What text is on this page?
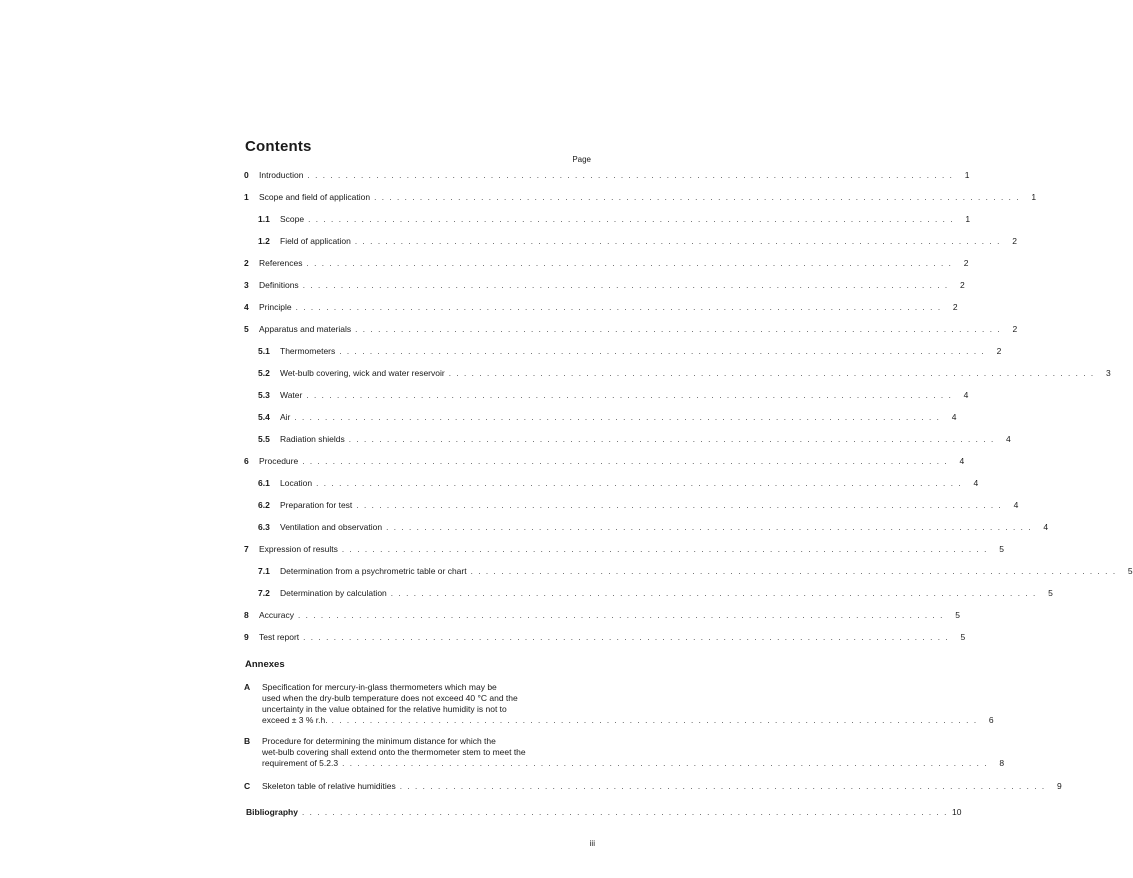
Contents
Page
0	Introduction . . . . . . . . . . . . . . . . . . . . . . . . . . . . . . . . . . . . . . . . . . . . . . . . . . . . . . . . . . . . . . . . . . . . . . . . . . . . . . . . . . . . .	1
1	Scope and field of application . . . . . . . . . . . . . . . . . . . . . . . . . . . . . . . . . . . . . . . . . . . . . . . . . . . . . . . . . . . . . . . . . . . . . . . . . . . . . . . . . . . . .	1
1.1	Scope . . . . . . . . . . . . . . . . . . . . . . . . . . . . . . . . . . . . . . . . . . . . . . . . . . . . . . . . . . . . . . . . . . . . . . . . . . . . . . . . . . . . .	1
1.2	Field of application . . . . . . . . . . . . . . . . . . . . . . . . . . . . . . . . . . . . . . . . . . . . . . . . . . . . . . . . . . . . . . . . . . . . . . . . . . . . . . . . . . . . .	2
2	References . . . . . . . . . . . . . . . . . . . . . . . . . . . . . . . . . . . . . . . . . . . . . . . . . . . . . . . . . . . . . . . . . . . . . . . . . . . . . . . . . . . . .	2
3	Definitions . . . . . . . . . . . . . . . . . . . . . . . . . . . . . . . . . . . . . . . . . . . . . . . . . . . . . . . . . . . . . . . . . . . . . . . . . . . . . . . . . . . . .	2
4	Principle . . . . . . . . . . . . . . . . . . . . . . . . . . . . . . . . . . . . . . . . . . . . . . . . . . . . . . . . . . . . . . . . . . . . . . . . . . . . . . . . . . . . .	2
5	Apparatus and materials . . . . . . . . . . . . . . . . . . . . . . . . . . . . . . . . . . . . . . . . . . . . . . . . . . . . . . . . . . . . . . . . . . . . . . . . . . . . . . . . . . . . .	2
5.1	Thermometers . . . . . . . . . . . . . . . . . . . . . . . . . . . . . . . . . . . . . . . . . . . . . . . . . . . . . . . . . . . . . . . . . . . . . . . . . . . . . . . . . . . . .	2
5.2	Wet-bulb covering, wick and water reservoir . . . . . . . . . . . . . . . . . . . . . . . . . . . . . . . . . . . . . . . . . . . . . . . . . . . . . . . . . . . . . . . . . . . . . . . . . . . . . . . . . . . . .	3
5.3	Water . . . . . . . . . . . . . . . . . . . . . . . . . . . . . . . . . . . . . . . . . . . . . . . . . . . . . . . . . . . . . . . . . . . . . . . . . . . . . . . . . . . . .	4
5.4	Air . . . . . . . . . . . . . . . . . . . . . . . . . . . . . . . . . . . . . . . . . . . . . . . . . . . . . . . . . . . . . . . . . . . . . . . . . . . . . . . . . . . . .	4
5.5	Radiation shields . . . . . . . . . . . . . . . . . . . . . . . . . . . . . . . . . . . . . . . . . . . . . . . . . . . . . . . . . . . . . . . . . . . . . . . . . . . . . . . . . . . . .	4
6	Procedure . . . . . . . . . . . . . . . . . . . . . . . . . . . . . . . . . . . . . . . . . . . . . . . . . . . . . . . . . . . . . . . . . . . . . . . . . . . . . . . . . . . . .	4
6.1	Location . . . . . . . . . . . . . . . . . . . . . . . . . . . . . . . . . . . . . . . . . . . . . . . . . . . . . . . . . . . . . . . . . . . . . . . . . . . . . . . . . . . . .	4
6.2	Preparation for test . . . . . . . . . . . . . . . . . . . . . . . . . . . . . . . . . . . . . . . . . . . . . . . . . . . . . . . . . . . . . . . . . . . . . . . . . . . . . . . . . . . . .	4
6.3	Ventilation and observation . . . . . . . . . . . . . . . . . . . . . . . . . . . . . . . . . . . . . . . . . . . . . . . . . . . . . . . . . . . . . . . . . . . . . . . . . . . . . . . . . . . . .	4
7	Expression of results . . . . . . . . . . . . . . . . . . . . . . . . . . . . . . . . . . . . . . . . . . . . . . . . . . . . . . . . . . . . . . . . . . . . . . . . . . . . . . . . . . . . .	5
7.1	Determination from a psychrometric table or chart . . . . . . . . . . . . . . . . . . . . . . . . . . . . . . . . . . . . . . . . . . . . . . . . . . . . . . . . . . . . . . . . . . . . . . . . . . . . . . . . . . . . .	5
7.2	Determination by calculation . . . . . . . . . . . . . . . . . . . . . . . . . . . . . . . . . . . . . . . . . . . . . . . . . . . . . . . . . . . . . . . . . . . . . . . . . . . . . . . . . . . . .	5
8	Accuracy . . . . . . . . . . . . . . . . . . . . . . . . . . . . . . . . . . . . . . . . . . . . . . . . . . . . . . . . . . . . . . . . . . . . . . . . . . . . . . . . . . . . .	5
9	Test report . . . . . . . . . . . . . . . . . . . . . . . . . . . . . . . . . . . . . . . . . . . . . . . . . . . . . . . . . . . . . . . . . . . . . . . . . . . . . . . . . . . . .	5
Annexes
A Specification for mercury-in-glass thermometers which may be
used when the dry-bulb temperature does not exceed 40 °C and the
uncertainty in the value obtained for the relative humidity is not to
exceed ± 3 % r.h. . . . . . . . . . . . . . . . . . . . . . . . . . . . . . . . . . . . . . . . . . . . . . . . . . . . . . . . . . . . . . . . . . . . . . . . . . . . . . . . . . . . . .	6
B Procedure for determining the minimum distance for which the
wet-bulb covering shall extend onto the thermometer stem to meet the
requirement of 5.2.3 . . . . . . . . . . . . . . . . . . . . . . . . . . . . . . . . . . . . . . . . . . . . . . . . . . . . . . . . . . . . . . . . . . . . . . . . . . . . . . . . . . . . .	8
C Skeleton table of relative humidities . . . . . . . . . . . . . . . . . . . . . . . . . . . . . . . . . . . . . . . . . . . . . . . . . . . . . . . . . . . . . . . . . . . . . . . . . . . . . . . . . . . . .	9
Bibliography . . . . . . . . . . . . . . . . . . . . . . . . . . . . . . . . . . . . . . . . . . . . . . . . . . . . . . . . . . . . . . . . . . . . . . . . . . . . . . . . . . . . . 10
iii
